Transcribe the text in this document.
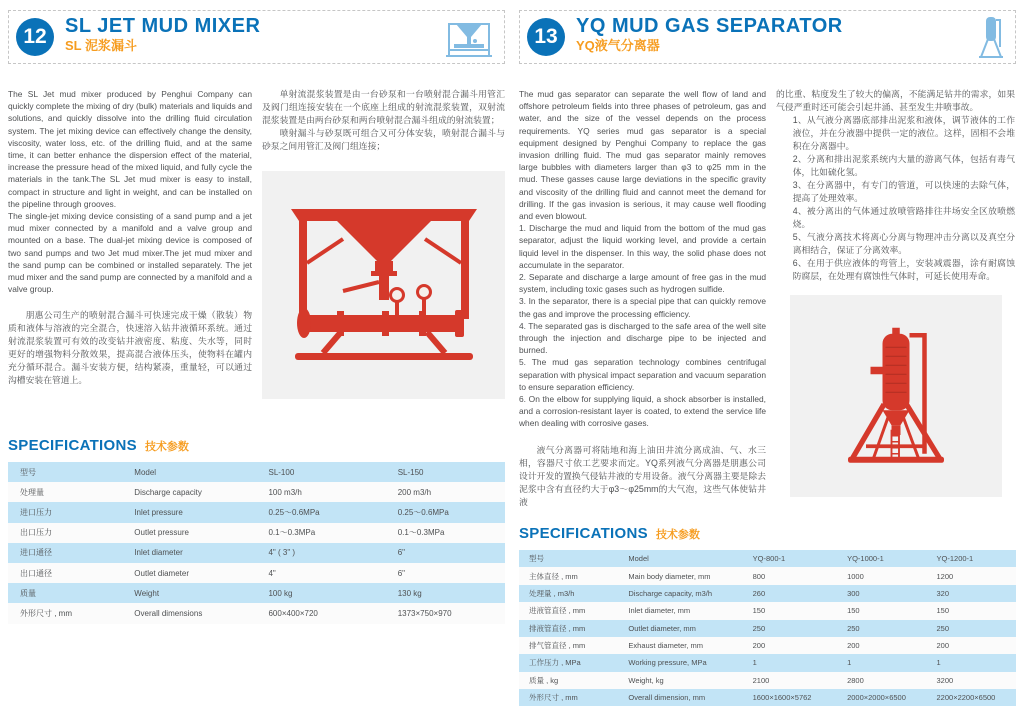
12 SL JET MUD MIXER
SL 泥浆漏斗

The SL Jet mud mixer produced by Penghui Company can quickly complete the mixing of dry (bulk) materials and liquids and solutions, and quickly dissolve into the drilling fluid circulation system. The jet mixing device can effectively change the density, viscosity, water loss, etc. of the drilling fluid, and at the same time, it can better enhance the dispersion effect of the material, increase the pressure head of the mixed liquid, and fully cycle the materials in the tank.The SL Jet mud mixer is easy to install, compact in structure and light in weight, and can be installed on the pipeline through grooves.

The single-jet mixing device consisting of a sand pump and a jet mud mixer connected by a manifold and a valve group and mounted on a base. The dual-jet mixing device is composed of two sand pumps and two Jet mud mixer.The jet mud mixer and the sand pump can be combined or installed separately. The jet mud mixer and the sand pump are connected by a manifold and a valve group.

朋惠公司生产的喷射混合漏斗可快速完成干燥（散装）物质和液体与溶液的完全混合，快速溶入钻井液循环系统。通过射流混浆装置可有效的改变钻井液密度、粘度、失水等，同时更好的增强物料分散效果，提高混合液体压头，使物料在罐内充分循环混合。漏斗安装方便，结构紧凑，重量轻，可以通过沟槽安装在管道上。

单射流混浆装置是由一台砂泵和一台喷射混合漏斗用管汇及阀门组连接安装在一个底座上组成的射流混浆装置，双射流混浆装置是由两台砂泵和两台喷射混合漏斗组成的射流装置；

喷射漏斗与砂泵既可组合又可分体安装，喷射混合漏斗与砂泵之间用管汇及阀门组连接；

SPECIFICATIONS 技术参数
型号	Model	SL-100	SL-150
处理量	Discharge capacity	100 m3/h	200 m3/h
进口压力	Inlet pressure	0.25～0.6MPa	0.25～0.6MPa
出口压力	Outlet pressure	0.1～0.3MPa	0.1～0.3MPa
进口通径	Inlet diameter	4" ( 3" )	6"
出口通径	Outlet diameter	4"	6"
质量	Weight	100 kg	130 kg
外形尺寸 , mm	Overall dimensions	600×400×720	1373×750×970
13 YQ MUD GAS SEPARATOR
YQ液气分离器

The mud gas separator can separate the well flow of land and offshore petroleum fields into three phases of petroleum, gas and water, and the size of the vessel depends on the process requirements. YQ series mud gas separator is a special equipment designed by Penghui Company to replace the gas invasion drilling fluid. The mud gas separator mainly removes large bubbles with diameters larger than φ3 to φ25 mm in the mud. These gasses cause large deviations in the specific gravity and viscosity of the drilling fluid and cannot meet the demand for drilling. If the gas invasion is serious, it may cause well flooding and even blowout.

1. Discharge the mud and liquid from the bottom of the mud gas separator, adjust the liquid working level, and provide a certain liquid level in the dispenser. In this way, the solid phase does not accumulate in the separator.

2. Separate and discharge a large amount of free gas in the mud system, including toxic gases such as hydrogen sulfide.

3. In the separator, there is a special pipe that can quickly remove the gas and improve the processing efficiency.

4. The separated gas is discharged to the safe area of the well site through the injection and discharge pipe to be injected and burned.

5. The mud gas separation technology combines centrifugal separation with physical impact separation and vacuum separation to ensure separation efficiency.

6. On the elbow for supplying liquid, a shock absorber is installed, and a corrosion-resistant layer is coated, to extend the service life when dealing with corrosive gases.

液气分离器可将陆地和海上油田井流分离成油、气、水三相，容器尺寸依工艺要求而定。YQ系列液气分离器是朋惠公司设计开发的置换气侵钻井液的专用设备。液气分离器主要是除去泥浆中含有直径约大于φ3～φ25mm的大气泡，这些气体使钻井液

的比重、粘度发生了较大的偏离，不能满足钻井的需求，如果气侵严重时还可能会引起井涌、甚至发生井喷事故。

1、从气液分离器底部排出泥浆和液体，调节液体的工作液位，并在分液器中提供一定的液位。这样，固相不会堆积在分离器中。

2、分离和排出泥浆系统内大量的游离气体，包括有毒气体，比如硫化氢。

3、在分离器中，有专门的管道，可以快速的去除气体，提高了处理效率。

4、被分离出的气体通过放喷管路排往井场安全区放喷燃烧。

5、气液分离技术将离心分离与物理冲击分离以及真空分离相结合，保证了分离效率。

6、在用于供应液体的弯管上，安装减震器，涂有耐腐蚀防腐层，在处理有腐蚀性气体时，可延长使用寿命。

SPECIFICATIONS 技术参数
型号	Model	YQ-800-1	YQ-1000-1	YQ-1200-1
主体直径 , mm	Main body diameter, mm	800	1000	1200
处理量 , m3/h	Discharge capacity, m3/h	260	300	320
进液管直径 , mm	Inlet diameter, mm	150	150	150
排液管直径 , mm	Outlet diameter, mm	250	250	250
排气管直径 , mm	Exhaust diameter, mm	200	200	200
工作压力 , MPa	Working pressure, MPa	1	1	1
质量 , kg	Weight, kg	2100	2800	3200
外形尺寸 , mm	Overall dimension, mm	1600×1600×5762	2000×2000×6500	2200×2200×6500
